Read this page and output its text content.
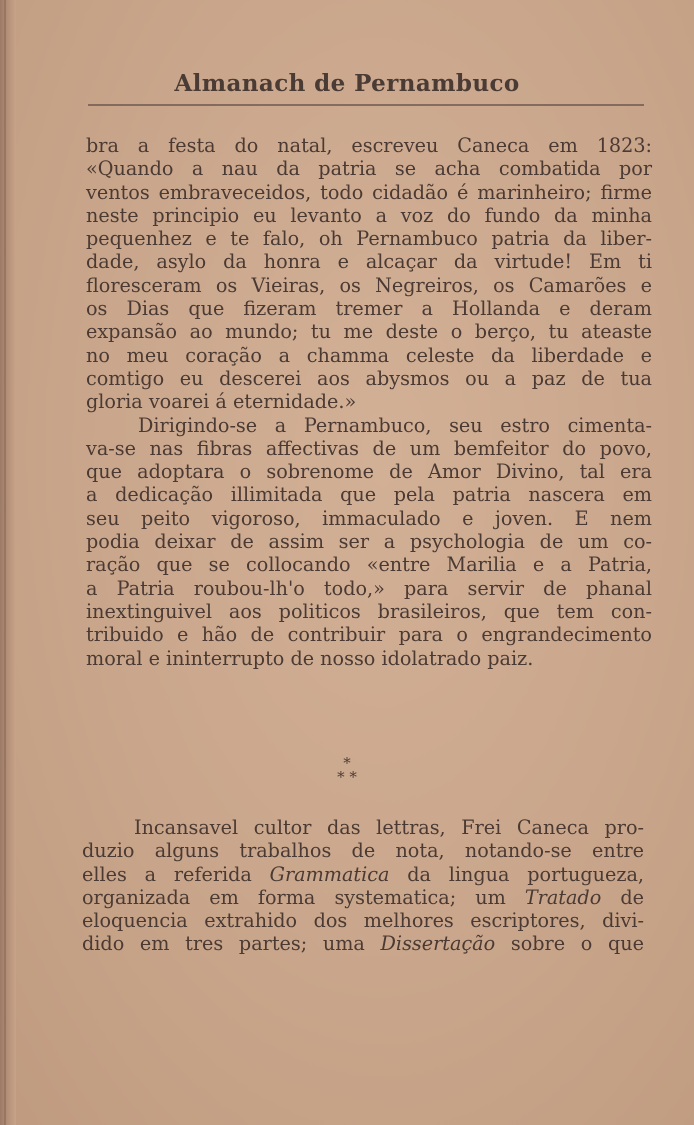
Almanach de Pernambuco
bra a festa do natal, escreveu Caneca em 1823:
«Quando a nau da patria se acha combatida por
ventos embraveceidos, todo cidadão é marinheiro; firme
neste principio eu levanto a voz do fundo da minha
pequenhez e te falo, oh Pernambuco patria da liber-
dade, asylo da honra e alcaçar da virtude! Em ti
floresceram os Vieiras, os Negreiros, os Camarões e
os Dias que fizeram tremer a Hollanda e deram
expansão ao mundo; tu me deste o berço, tu ateaste
no meu coração a chamma celeste da liberdade e
comtigo eu descerei aos abysmos ou a paz de tua
gloria voarei á eternidade.»
Dirigindo-se a Pernambuco, seu estro cimenta-
va-se nas fibras affectivas de um bemfeitor do povo,
que adoptara o sobrenome de Amor Divino, tal era
a dedicação illimitada que pela patria nascera em
seu peito vigoroso, immaculado e joven. E nem
podia deixar de assim ser a psychologia de um co-
ração que se collocando «entre Marilia e a Patria,
a Patria roubou-lh'o todo,» para servir de phanal
inextinguivel aos politicos brasileiros, que tem con-
tribuido e hão de contribuir para o engrandecimento
moral e ininterrupto de nosso idolatrado paiz.
*
* *
Incansavel cultor das lettras, Frei Caneca pro-
duzio alguns trabalhos de nota, notando-se entre
elles a referida Grammatica da lingua portugueza,
organizada em forma systematica; um Tratado de
eloquencia extrahido dos melhores escriptores, divi-
dido em tres partes; uma Dissertação sobre o que
